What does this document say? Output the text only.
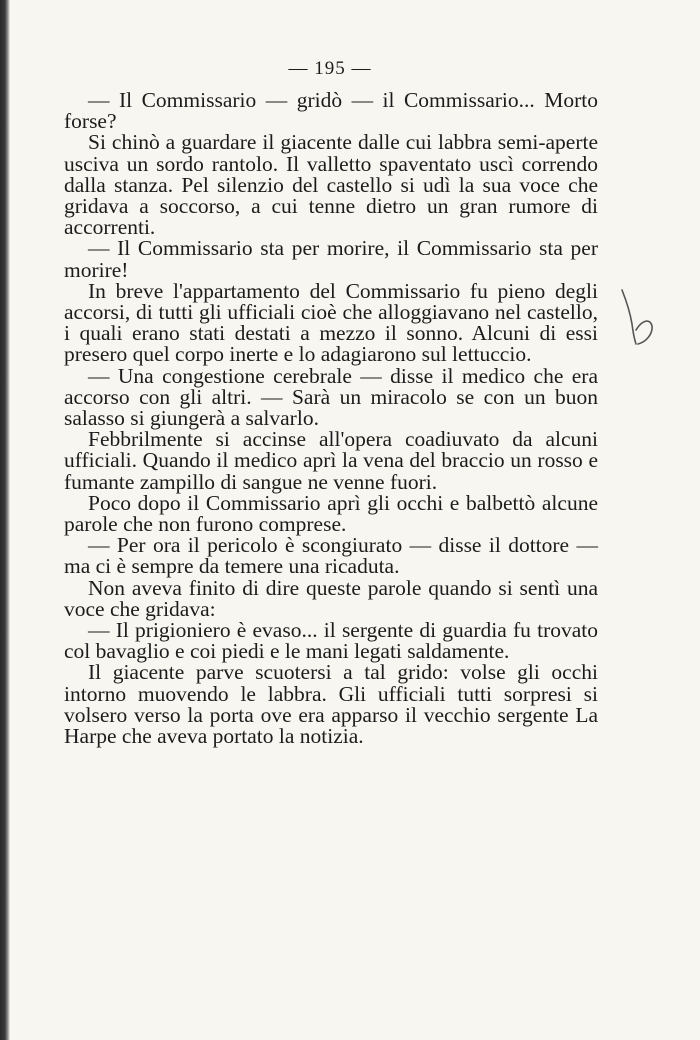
— 195 —

— Il Commissario — gridò — il Commissario... Morto forse?

Si chinò a guardare il giacente dalle cui labbra semi-aperte usciva un sordo rantolo. Il valletto spaventato uscì correndo dalla stanza. Pel silenzio del castello si udì la sua voce che gridava a soccorso, a cui tenne dietro un gran rumore di accorrenti.

— Il Commissario sta per morire, il Commissario sta per morire!

In breve l'appartamento del Commissario fu pieno degli accorsi, di tutti gli ufficiali cioè che alloggiavano nel castello, i quali erano stati destati a mezzo il sonno. Alcuni di essi presero quel corpo inerte e lo adagiarono sul lettuccio.

— Una congestione cerebrale — disse il medico che era accorso con gli altri. — Sarà un miracolo se con un buon salasso si giungerà a salvarlo.

Febbrilmente si accinse all'opera coadiuvato da alcuni ufficiali. Quando il medico aprì la vena del braccio un rosso e fumante zampillo di sangue ne venne fuori.

Poco dopo il Commissario aprì gli occhi e balbettò alcune parole che non furono comprese.

— Per ora il pericolo è scongiurato — disse il dottore — ma ci è sempre da temere una ricaduta.

Non aveva finito di dire queste parole quando si sentì una voce che gridava:

— Il prigioniero è evaso... il sergente di guardia fu trovato col bavaglio e coi piedi e le mani legati saldamente.

Il giacente parve scuotersi a tal grido: volse gli occhi intorno muovendo le labbra. Gli ufficiali tutti sorpresi si volsero verso la porta ove era apparso il vecchio sergente La Harpe che aveva portato la notizia.
